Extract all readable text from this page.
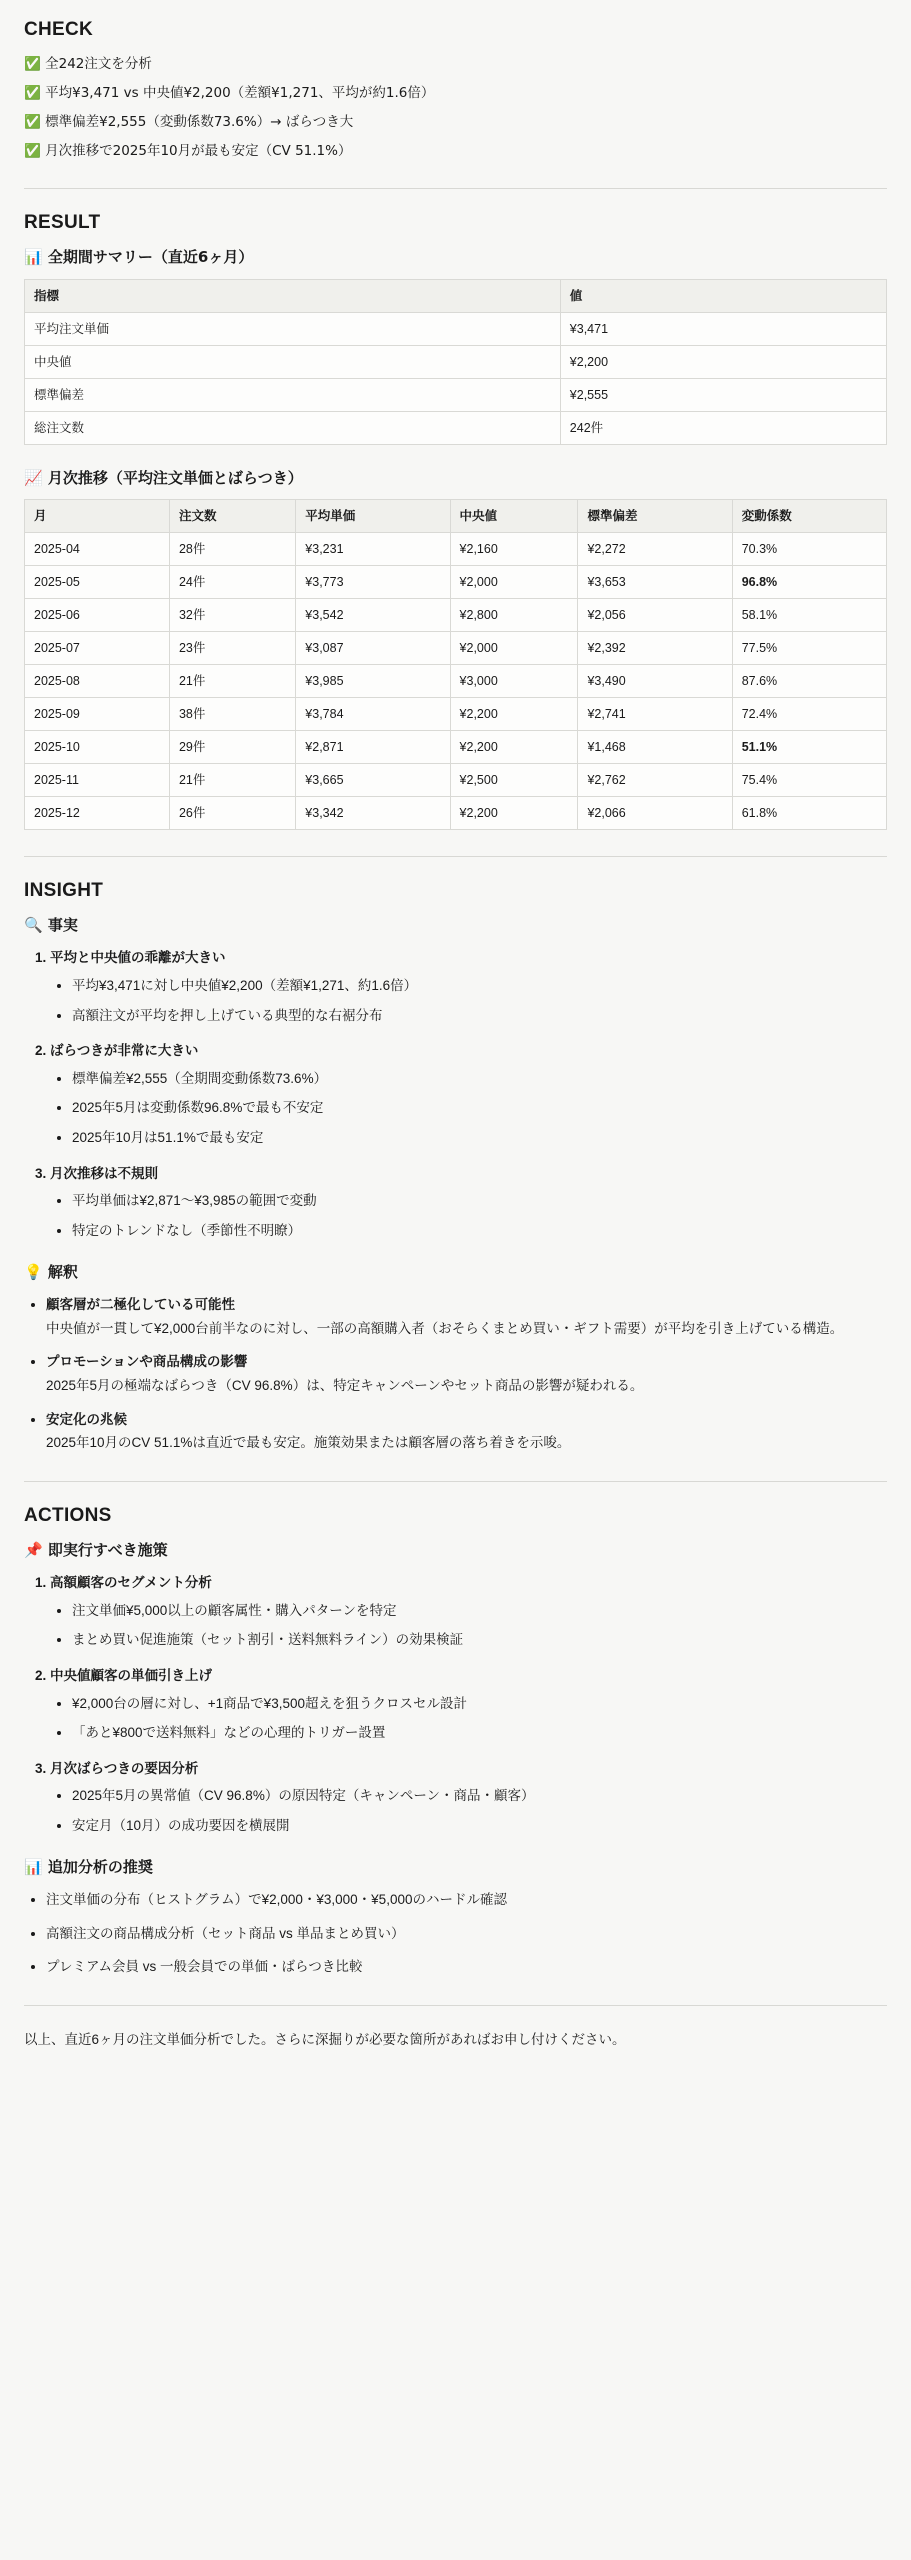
CHECK

✅ 全242注文を分析

✅ 平均¥3,471 vs 中央値¥2,200（差額¥1,271、平均が約1.6倍）

✅ 標準偏差¥2,555（変動係数73.6%）→ ばらつき大

✅ 月次推移で2025年10月が最も安定（CV 51.1%）

RESULT
📊 全期間サマリー（直近6ヶ月）
指標	値
平均注文単価	¥3,471
中央値	¥2,200
標準偏差	¥2,555
総注文数	242件
📈 月次推移（平均注文単価とばらつき）
月	注文数	平均単価	中央値	標準偏差	変動係数
2025-04	28件	¥3,231	¥2,160	¥2,272	70.3%
2025-05	24件	¥3,773	¥2,000	¥3,653	96.8%
2025-06	32件	¥3,542	¥2,800	¥2,056	58.1%
2025-07	23件	¥3,087	¥2,000	¥2,392	77.5%
2025-08	21件	¥3,985	¥3,000	¥3,490	87.6%
2025-09	38件	¥3,784	¥2,200	¥2,741	72.4%
2025-10	29件	¥2,871	¥2,200	¥1,468	51.1%
2025-11	21件	¥3,665	¥2,500	¥2,762	75.4%
2025-12	26件	¥3,342	¥2,200	¥2,066	61.8%
INSIGHT
🔍 事実
1. 平均と中央値の乖離が大きい
• 平均¥3,471に対し中央値¥2,200（差額¥1,271、約1.6倍）
• 高額注文が平均を押し上げている典型的な右裾分布
2. ばらつきが非常に大きい
• 標準偏差¥2,555（全期間変動係数73.6%）
• 2025年5月は変動係数96.8%で最も不安定
• 2025年10月は51.1%で最も安定
3. 月次推移は不規則
• 平均単価は¥2,871〜¥3,985の範囲で変動
• 特定のトレンドなし（季節性不明瞭）
💡 解釈
• 顧客層が二極化している可能性
中央値が一貫して¥2,000台前半なのに対し、一部の高額購入者（おそらくまとめ買い・ギフト需要）が平均を引き上げている構造。
• プロモーションや商品構成の影響
2025年5月の極端なばらつき（CV 96.8%）は、特定キャンペーンやセット商品の影響が疑われる。
• 安定化の兆候
2025年10月のCV 51.1%は直近で最も安定。施策効果または顧客層の落ち着きを示唆。
ACTIONS
📌 即実行すべき施策
1. 高額顧客のセグメント分析
• 注文単価¥5,000以上の顧客属性・購入パターンを特定
• まとめ買い促進施策（セット割引・送料無料ライン）の効果検証
2. 中央値顧客の単価引き上げ
• ¥2,000台の層に対し、+1商品で¥3,500超えを狙うクロスセル設計
• 「あと¥800で送料無料」などの心理的トリガー設置
3. 月次ばらつきの要因分析
• 2025年5月の異常値（CV 96.8%）の原因特定（キャンペーン・商品・顧客）
• 安定月（10月）の成功要因を横展開
📊 追加分析の推奨
• 注文単価の分布（ヒストグラム）で¥2,000・¥3,000・¥5,000のハードル確認
• 高額注文の商品構成分析（セット商品 vs 単品まとめ買い）
• プレミアム会員 vs 一般会員での単価・ばらつき比較

以上、直近6ヶ月の注文単価分析でした。さらに深掘りが必要な箇所があればお申し付けください。
